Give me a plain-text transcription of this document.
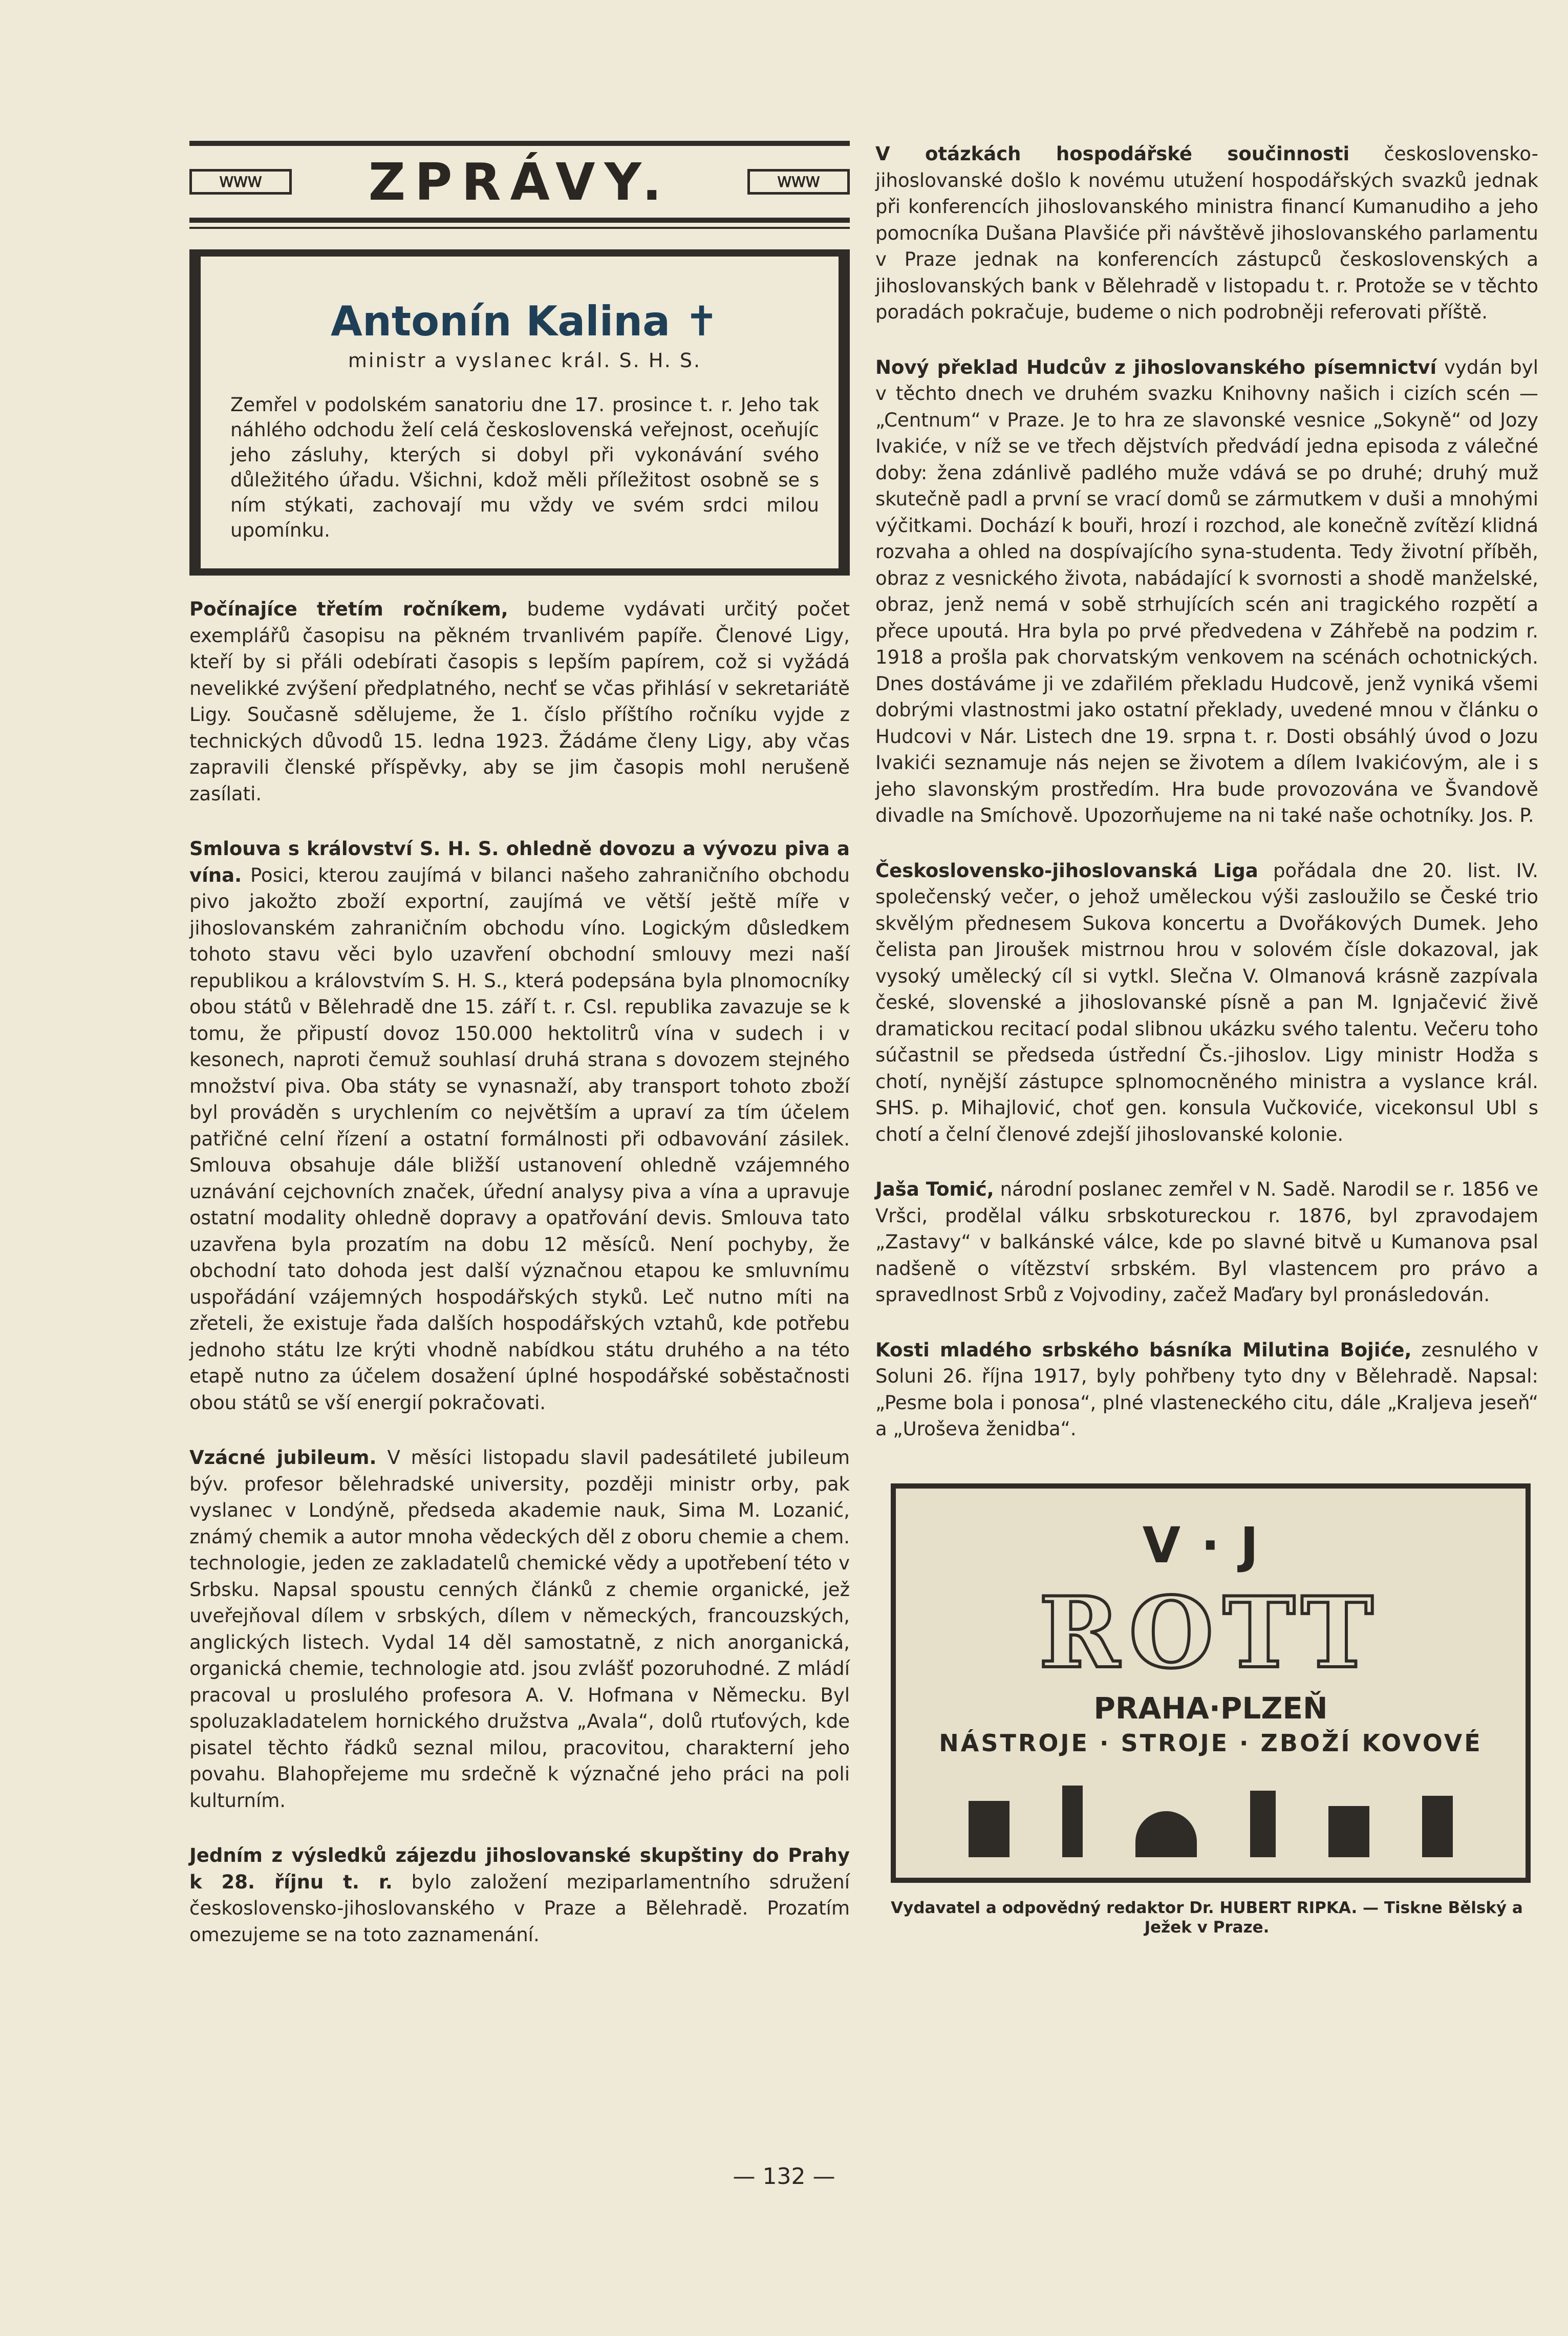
ꓪꓪꓪ	ZPRÁVY.	ꓪꓪꓪ
Antonín Kalina ✝
ministr a vyslanec král. S. H. S.
Zemřel v podolském sanatoriu dne 17. prosince t. r. Jeho tak náhlého odchodu želí celá československá veřejnost, oceňujíc jeho zásluhy, kterých si dobyl při vykonávání svého důležitého úřadu. Všichni, kdož měli příležitost osobně se s ním stýkati, zachovají mu vždy ve svém srdci milou upomínku.

Počínajíce třetím ročníkem, budeme vydávati určitý počet exemplářů časopisu na pěkném trvanlivém papíře. Členové Ligy, kteří by si přáli odebírati časopis s lepším papírem, což si vyžádá nevelikké zvýšení předplatného, nechť se včas přihlásí v sekretariátě Ligy. Současně sdělujeme, že 1. číslo příštího ročníku vyjde z technických důvodů 15. ledna 1923. Žádáme členy Ligy, aby včas zapravili členské příspěvky, aby se jim časopis mohl nerušeně zasílati.

Smlouva s království S. H. S. ohledně dovozu a vývozu piva a vína. Posici, kterou zaujímá v bilanci našeho zahraničního obchodu pivo jakožto zboží exportní, zaujímá ve větší ještě míře v jihoslovanském zahraničním obchodu víno. Logickým důsledkem tohoto stavu věci bylo uzavření obchodní smlouvy mezi naší republikou a královstvím S. H. S., která podepsána byla plnomocníky obou států v Bělehradě dne 15. září t. r. Csl. republika zavazuje se k tomu, že připustí dovoz 150.000 hektolitrů vína v sudech i v kesonech, naproti čemuž souhlasí druhá strana s dovozem stejného množství piva. Oba státy se vynasnaží, aby transport tohoto zboží byl prováděn s urychlením co největším a upraví za tím účelem patřičné celní řízení a ostatní formálnosti při odbavování zásilek. Smlouva obsahuje dále bližší ustanovení ohledně vzájemného uznávání cejchovních značek, úřední analysy piva a vína a upravuje ostatní modality ohledně dopravy a opatřování devis. Smlouva tato uzavřena byla prozatím na dobu 12 měsíců. Není pochyby, že obchodní tato dohoda jest další význačnou etapou ke smluvnímu uspořádání vzájemných hospodářských styků. Leč nutno míti na zřeteli, že existuje řada dalších hospodářských vztahů, kde potřebu jednoho státu lze krýti vhodně nabídkou státu druhého a na této etapě nutno za účelem dosažení úplné hospodářské soběstačnosti obou států se vší energií pokračovati.

Vzácné jubileum. V měsíci listopadu slavil padesátileté jubileum býv. profesor bělehradské university, později ministr orby, pak vyslanec v Londýně, předseda akademie nauk, Sima M. Lozanić, známý chemik a autor mnoha vědeckých děl z oboru chemie a chem. technologie, jeden ze zakladatelů chemické vědy a upotřebení této v Srbsku. Napsal spoustu cenných článků z chemie organické, jež uveřejňoval dílem v srbských, dílem v německých, francouzských, anglických listech. Vydal 14 děl samostatně, z nich anorganická, organická chemie, technologie atd. jsou zvlášť pozoruhodné. Z mládí pracoval u proslulého profesora A. V. Hofmana v Německu. Byl spoluzakladatelem hornického družstva „Avala“, dolů rtuťových, kde pisatel těchto řádků seznal milou, pracovitou, charakterní jeho povahu. Blahopřejeme mu srdečně k význačné jeho práci na poli kulturním.

Jedním z výsledků zájezdu jihoslovanské skupštiny do Prahy k 28. říjnu t. r. bylo založení meziparlamentního sdružení československo-jihoslovanského v Praze a Bělehradě. Prozatím omezujeme se na toto zaznamenání.

V otázkách hospodářské součinnosti československo-jihoslovanské došlo k novému utužení hospodářských svazků jednak při konferencích jihoslovanského ministra financí Kumanudiho a jeho pomocníka Dušana Plavšiće při návštěvě jihoslovanského parlamentu v Praze jednak na konferencích zástupců československých a jihoslovanských bank v Bělehradě v listopadu t. r. Protože se v těchto poradách pokračuje, budeme o nich podrobněji referovati příště.

Nový překlad Hudcův z jihoslovanského písemnictví vydán byl v těchto dnech ve druhém svazku Knihovny našich i cizích scén — „Centnum“ v Praze. Je to hra ze slavonské vesnice „Sokyně“ od Jozy Ivakiće, v níž se ve třech dějstvích předvádí jedna episoda z válečné doby: žena zdánlivě padlého muže vdává se po druhé; druhý muž skutečně padl a první se vrací domů se zármutkem v duši a mnohými výčitkami. Dochází k bouři, hrozí i rozchod, ale konečně zvítězí klidná rozvaha a ohled na dospívajícího syna-studenta. Tedy životní příběh, obraz z vesnického života, nabádající k svornosti a shodě manželské, obraz, jenž nemá v sobě strhujících scén ani tragického rozpětí a přece upoutá. Hra byla po prvé předvedena v Záhřebě na podzim r. 1918 a prošla pak chorvatským venkovem na scénách ochotnických. Dnes dostáváme ji ve zdařilém překladu Hudcově, jenž vyniká všemi dobrými vlastnostmi jako ostatní překlady, uvedené mnou v článku o Hudcovi v Nár. Listech dne 19. srpna t. r. Dosti obsáhlý úvod o Jozu Ivakići seznamuje nás nejen se životem a dílem Ivakićovým, ale i s jeho slavonským prostředím. Hra bude provozována ve Švandově divadle na Smíchově. Upozorňujeme na ni také naše ochotníky. Jos. P.

Československo-jihoslovanská Liga pořádala dne 20. list. IV. společenský večer, o jehož uměleckou výši zasloužilo se České trio skvělým přednesem Sukova koncertu a Dvořákových Dumek. Jeho čelista pan Jiroušek mistrnou hrou v solovém čísle dokazoval, jak vysoký umělecký cíl si vytkl. Slečna V. Olmanová krásně zazpívala české, slovenské a jihoslovanské písně a pan M. Ignjačević živě dramatickou recitací podal slibnou ukázku svého talentu. Večeru toho súčastnil se předseda ústřední Čs.-jihoslov. Ligy ministr Hodža s chotí, nynější zástupce splnomocněného ministra a vyslance král. SHS. p. Mihajlović, choť gen. konsula Vučkoviće, vicekonsul Ubl s chotí a čelní členové zdejší jihoslovanské kolonie.

Jaša Tomić, národní poslanec zemřel v N. Sadě. Narodil se r. 1856 ve Vršci, prodělal válku srbskotureckou r. 1876, byl zpravodajem „Zastavy“ v balkánské válce, kde po slavné bitvě u Kumanova psal nadšeně o vítězství srbském. Byl vlastencem pro právo a spravedlnost Srbů z Vojvodiny, začež Maďary byl pronásledován.

Kosti mladého srbského básníka Milutina Bojiće, zesnulého v Soluni 26. října 1917, byly pohřbeny tyto dny v Bělehradě. Napsal: „Pesme bola i ponosa“, plné vlasteneckého citu, dále „Kraljeva jeseň“ a „Uroševa ženidba“.

V·J
ROTT
PRAHA·PLZEŇ
NÁSTROJE · STROJE · ZBOŽÍ KOVOVÉ
Vydavatel a odpovědný redaktor Dr. HUBERT RIPKA. — Tiskne Bělský a Ježek v Praze.
— 132 —
